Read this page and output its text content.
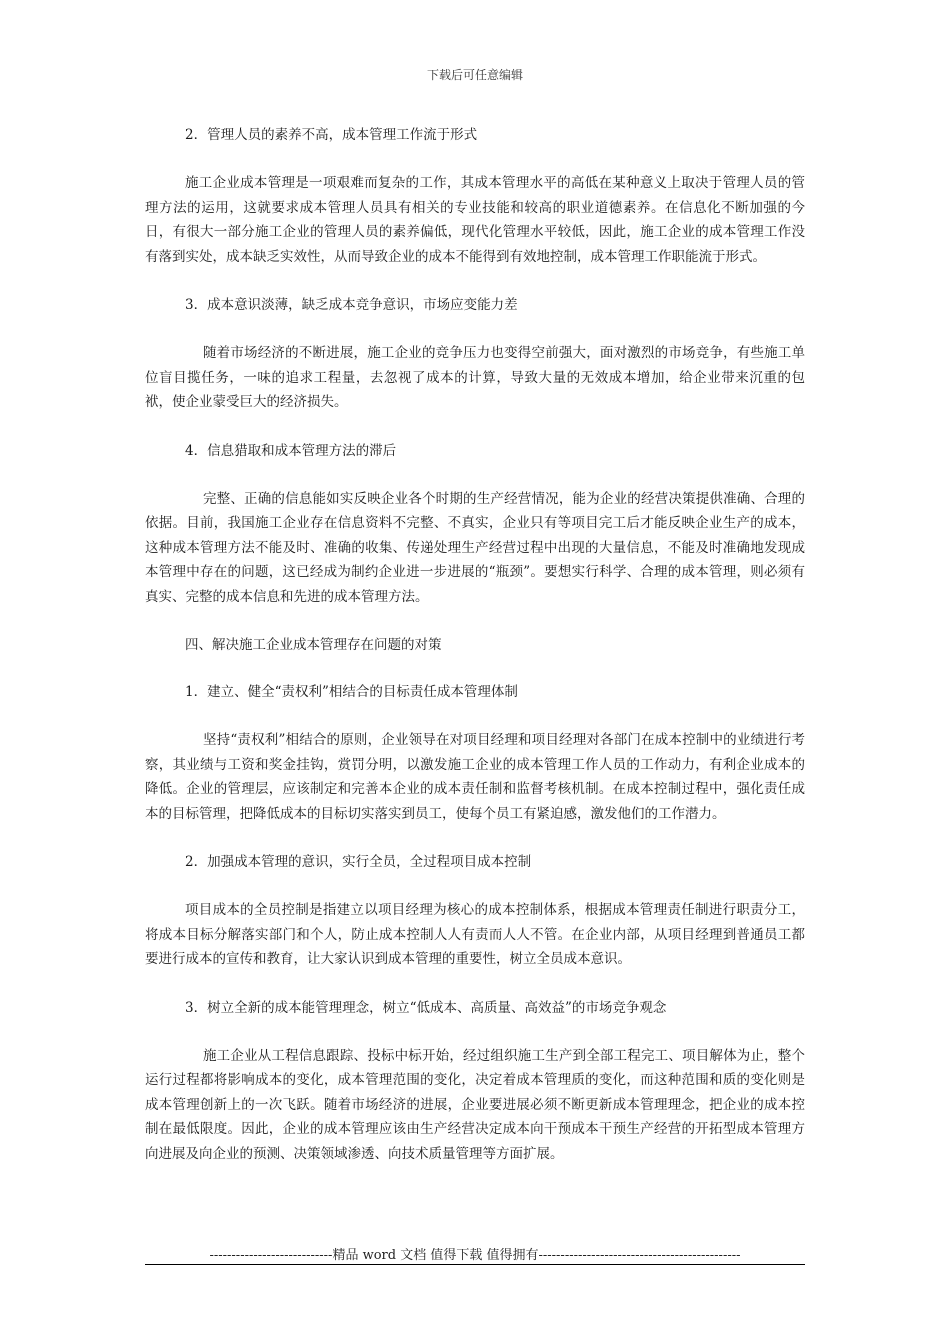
下载后可任意编辑
2．管理人员的素养不高，成本管理工作流于形式
施工企业成本管理是一项艰难而复杂的工作，其成本管理水平的高低在某种意义上取决于管理人员的管理方法的运用，这就要求成本管理人员具有相关的专业技能和较高的职业道德素养。在信息化不断加强的今日，有很大一部分施工企业的管理人员的素养偏低，现代化管理水平较低，因此，施工企业的成本管理工作没有落到实处，成本缺乏实效性，从而导致企业的成本不能得到有效地控制，成本管理工作职能流于形式。
3．成本意识淡薄，缺乏成本竞争意识，市场应变能力差
随着市场经济的不断进展，施工企业的竞争压力也变得空前强大，面对激烈的市场竞争，有些施工单位盲目揽任务，一味的追求工程量，去忽视了成本的计算，导致大量的无效成本增加，给企业带来沉重的包袱，使企业蒙受巨大的经济损失。
4．信息猎取和成本管理方法的滞后
完整、正确的信息能如实反映企业各个时期的生产经营情况，能为企业的经营决策提供准确、合理的依据。目前，我国施工企业存在信息资料不完整、不真实，企业只有等项目完工后才能反映企业生产的成本，这种成本管理方法不能及时、准确的收集、传递处理生产经营过程中出现的大量信息，不能及时准确地发现成本管理中存在的问题，这已经成为制约企业进一步进展的“瓶颈”。要想实行科学、合理的成本管理，则必须有真实、完整的成本信息和先进的成本管理方法。
四、解决施工企业成本管理存在问题的对策
1．建立、健全“责权利”相结合的目标责任成本管理体制
坚持“责权利”相结合的原则，企业领导在对项目经理和项目经理对各部门在成本控制中的业绩进行考察，其业绩与工资和奖金挂钩，赏罚分明，以激发施工企业的成本管理工作人员的工作动力，有利企业成本的降低。企业的管理层，应该制定和完善本企业的成本责任制和监督考核机制。在成本控制过程中，强化责任成本的目标管理，把降低成本的目标切实落实到员工，使每个员工有紧迫感，激发他们的工作潜力。
2．加强成本管理的意识，实行全员，全过程项目成本控制
项目成本的全员控制是指建立以项目经理为核心的成本控制体系，根据成本管理责任制进行职责分工，将成本目标分解落实部门和个人，防止成本控制人人有责而人人不管。在企业内部，从项目经理到普通员工都要进行成本的宣传和教育，让大家认识到成本管理的重要性，树立全员成本意识。
3．树立全新的成本能管理理念，树立“低成本、高质量、高效益”的市场竞争观念
施工企业从工程信息跟踪、投标中标开始，经过组织施工生产到全部工程完工、项目解体为止，整个运行过程都将影响成本的变化，成本管理范围的变化，决定着成本管理质的变化，而这种范围和质的变化则是成本管理创新上的一次飞跃。随着市场经济的进展，企业要进展必须不断更新成本管理理念，把企业的成本控制在最低限度。因此，企业的成本管理应该由生产经营决定成本向干预成本干预生产经营的开拓型成本管理方向进展及向企业的预测、决策领域渗透、向技术质量管理等方面扩展。
----------------------------精品 word 文档 值得下载 值得拥有----------------------------------------------
